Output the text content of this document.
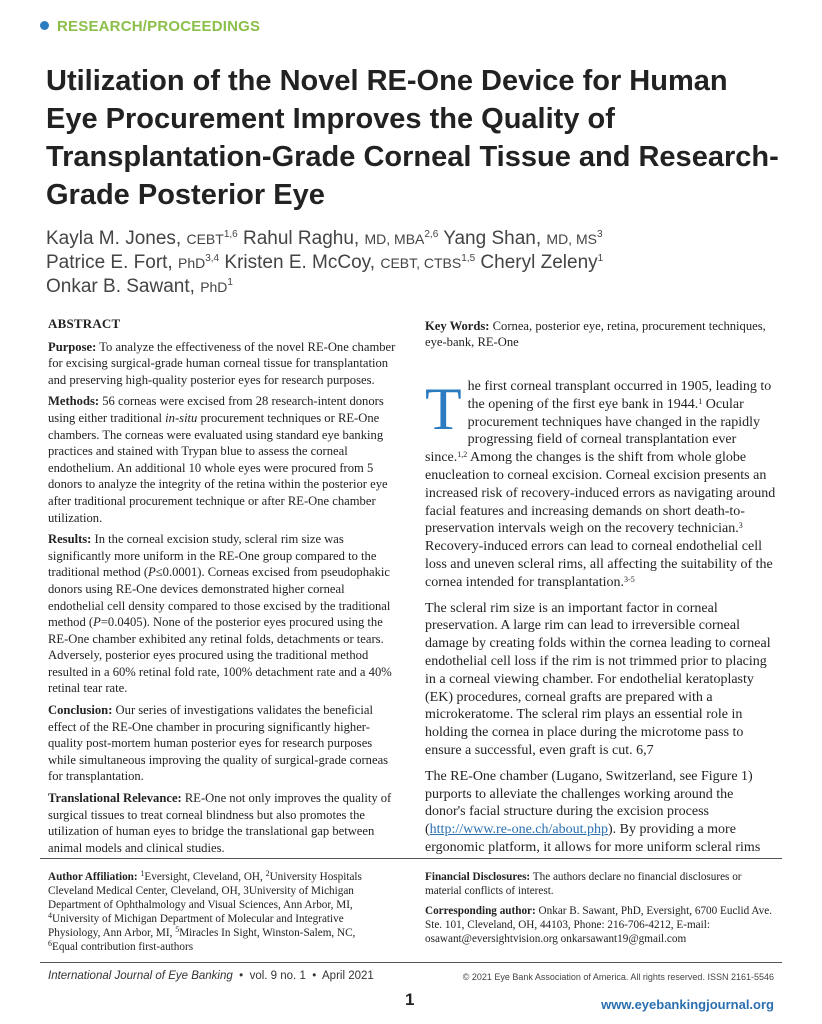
RESEARCH/PROCEEDINGS
Utilization of the Novel RE-One Device for Human Eye Procurement Improves the Quality of Transplantation-Grade Corneal Tissue and Research-Grade Posterior Eye
Kayla M. Jones, CEBT$^{1,6}$ Rahul Raghu, MD, MBA$^{2,6}$ Yang Shan, MD, $MS^3$
Patrice E. Fort, PhD$^{3,4}$ Kristen E. McCoy, CEBT, CTBS$^{1,5}$ Cheryl Zeleny$^1$
Onkar B. Sawant, PhD$^1$
ABSTRACT

Purpose: To analyze the effectiveness of the novel RE-One chamber for excising surgical-grade human corneal tissue for transplantation and preserving high-quality posterior eyes for research purposes.

Methods: 56 corneas were excised from 28 research-intent donors using either traditional in-situ procurement techniques or RE-One chambers. The corneas were evaluated using standard eye banking practices and stained with Trypan blue to assess the corneal endothelium. An additional 10 whole eyes were procured from 5 donors to analyze the integrity of the retina within the posterior eye after traditional procurement technique or after RE-One chamber utilization.

Results: In the corneal excision study, scleral rim size was significantly more uniform in the RE-One group compared to the traditional method (P≤0.0001). Corneas excised from pseudophakic donors using RE-One devices demonstrated higher corneal endothelial cell density compared to those excised by the traditional method (P=0.0405). None of the posterior eyes procured using the RE-One chamber exhibited any retinal folds, detachments or tears. Adversely, posterior eyes procured using the traditional method resulted in a 60% retinal fold rate, 100% detachment rate and a 40% retinal tear rate.

Conclusion: Our series of investigations validates the beneficial effect of the RE-One chamber in procuring significantly higher-quality post-mortem human posterior eyes for research purposes while simultaneous improving the quality of surgical-grade corneas for transplantation.

Translational Relevance: RE-One not only improves the quality of surgical tissues to treat corneal blindness but also promotes the utilization of human eyes to bridge the translational gap between animal models and clinical studies.

Key Words: Cornea, posterior eye, retina, procurement techniques, eye-bank, RE-One

The first corneal transplant occurred in 1905, leading to the opening of the first eye bank in 1944.$^1$ Ocular procurement techniques have changed in the rapidly progressing field of corneal transplantation ever since.$^{1,2}$ Among the changes is the shift from whole globe enucleation to corneal excision. Corneal excision presents an increased risk of recovery-induced errors as navigating around facial features and increasing demands on short death-to-preservation intervals weigh on the recovery technician.$^3$ Recovery-induced errors can lead to corneal endothelial cell loss and uneven scleral rims, all affecting the suitability of the cornea intended for transplantation.$^{3-5}$

The scleral rim size is an important factor in corneal preservation. A large rim can lead to irreversible corneal damage by creating folds within the cornea leading to corneal endothelial cell loss if the rim is not trimmed prior to placing in a corneal viewing chamber. For endothelial keratoplasty (EK) procedures, corneal grafts are prepared with a microkeratome. The scleral rim plays an essential role in holding the cornea in place during the microtome pass to ensure a successful, even graft is cut. 6,7

The RE-One chamber (Lugano, Switzerland, see Figure 1) purports to alleviate the challenges working around the donor's facial structure during the excision process (http://www.re-one.ch/about.php). By providing a more ergonomic platform, it allows for more uniform scleral rims

Author Affiliation: $^1$Eversight, Cleveland, OH, $^2$University Hospitals Cleveland Medical Center, Cleveland, OH, 3University of Michigan Department of Ophthalmology and Visual Sciences, Ann Arbor, MI, $^4$University of Michigan Department of Molecular and Integrative Physiology, Ann Arbor, MI, $^5$Miracles In Sight, Winston-Salem, NC, $^6$Equal contribution first-authors

Financial Disclosures: The authors declare no financial disclosures or material conflicts of interest.

Corresponding author: Onkar B. Sawant, PhD, Eversight, 6700 Euclid Ave. Ste. 101, Cleveland, OH, 44103, Phone: 216-706-4212, E-mail: osawant@eversightvision.org onkarsawant19@gmail.com

International Journal of Eye Banking  •  vol. 9 no. 1  •  April 2021	© 2021 Eye Bank Association of America. All rights reserved. ISSN 2161-5546
1	www.eyebankingjournal.org
